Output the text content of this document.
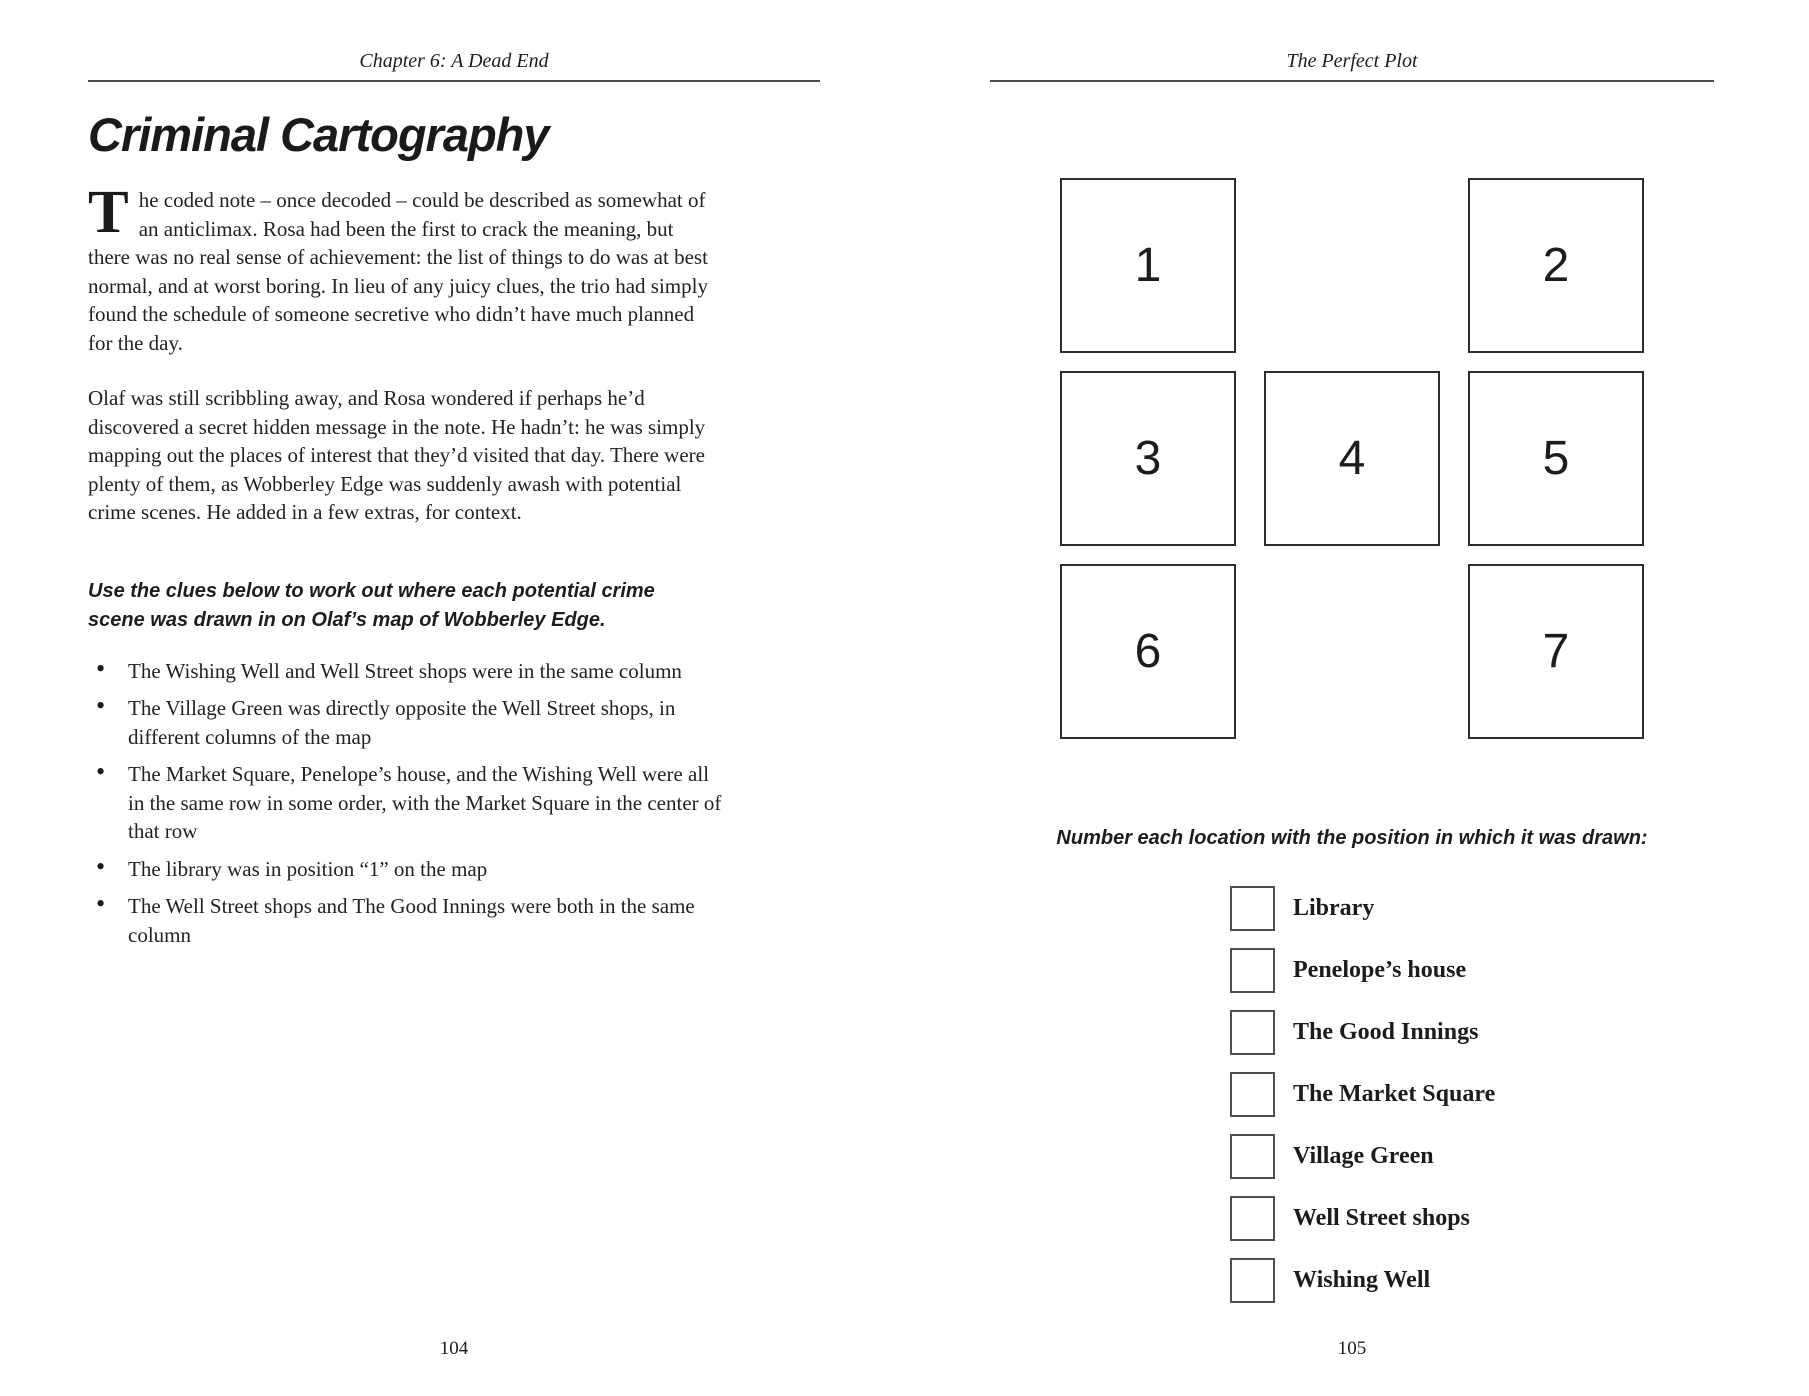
Chapter 6: A Dead End
Criminal Cartography

The coded note – once decoded – could be described as somewhat of an anticlimax. Rosa had been the first to crack the meaning, but there was no real sense of achievement: the list of things to do was at best normal, and at worst boring. In lieu of any juicy clues, the trio had simply found the schedule of someone secretive who didn’t have much planned for the day.

Olaf was still scribbling away, and Rosa wondered if perhaps he’d discovered a secret hidden message in the note. He hadn’t: he was simply mapping out the places of interest that they’d visited that day. There were plenty of them, as Wobberley Edge was suddenly awash with potential crime scenes. He added in a few extras, for context.

Use the clues below to work out where each potential crime scene was drawn in on Olaf’s map of Wobberley Edge.

• The Wishing Well and Well Street shops were in the same column
• The Village Green was directly opposite the Well Street shops, in different columns of the map
• The Market Square, Penelope’s house, and the Wishing Well were all in the same row in some order, with the Market Square in the center of that row
• The library was in position “1” on the map
• The Well Street shops and The Good Innings were both in the same column
104
The Perfect Plot
1	2
3	4	5
6	7

Number each location with the position in which it was drawn:

Library
Penelope’s house
The Good Innings
The Market Square
Village Green
Well Street shops
Wishing Well
105
